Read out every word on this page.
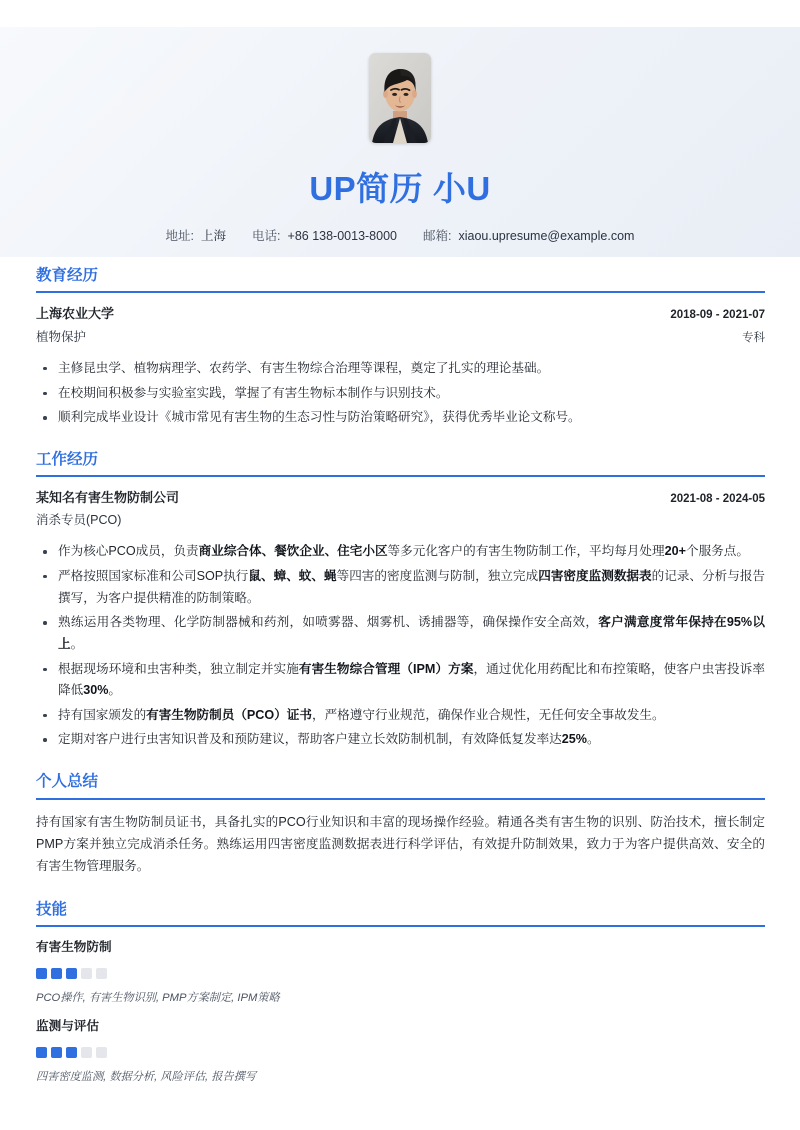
UP简历 小U
地址: 上海 电话: +86 138-0013-8000 邮箱: xiaou.upresume@example.com
教育经历
上海农业大学	2018-09 - 2021-07
植物保护	专科
主修昆虫学、植物病理学、农药学、有害生物综合治理等课程，奠定了扎实的理论基础。
在校期间积极参与实验室实践，掌握了有害生物标本制作与识别技术。
顺利完成毕业设计《城市常见有害生物的生态习性与防治策略研究》，获得优秀毕业论文称号。
工作经历
某知名有害生物防制公司	2021-08 - 2024-05
消杀专员(PCO)
作为核心PCO成员，负责商业综合体、餐饮企业、住宅小区等多元化客户的有害生物防制工作，平均每月处理20+个服务点。
严格按照国家标准和公司SOP执行鼠、蟑、蚊、蝇等四害的密度监测与防制，独立完成四害密度监测数据表的记录、分析与报告撰写，为客户提供精准的防制策略。
熟练运用各类物理、化学防制器械和药剂，如喷雾器、烟雾机、诱捕器等，确保操作安全高效，客户满意度常年保持在95%以上。
根据现场环境和虫害种类，独立制定并实施有害生物综合管理（IPM）方案，通过优化用药配比和布控策略，使客户虫害投诉率降低30%。
持有国家颁发的有害生物防制员（PCO）证书，严格遵守行业规范，确保作业合规性，无任何安全事故发生。
定期对客户进行虫害知识普及和预防建议，帮助客户建立长效防制机制，有效降低复发率达25%。
个人总结
持有国家有害生物防制员证书，具备扎实的PCO行业知识和丰富的现场操作经验。精通各类有害生物的识别、防治技术，擅长制定PMP方案并独立完成消杀任务。熟练运用四害密度监测数据表进行科学评估，有效提升防制效果，致力于为客户提供高效、安全的有害生物管理服务。
技能
有害生物防制
PCO操作, 有害生物识别, PMP方案制定, IPM策略
监测与评估
四害密度监测, 数据分析, 风险评估, 报告撰写
